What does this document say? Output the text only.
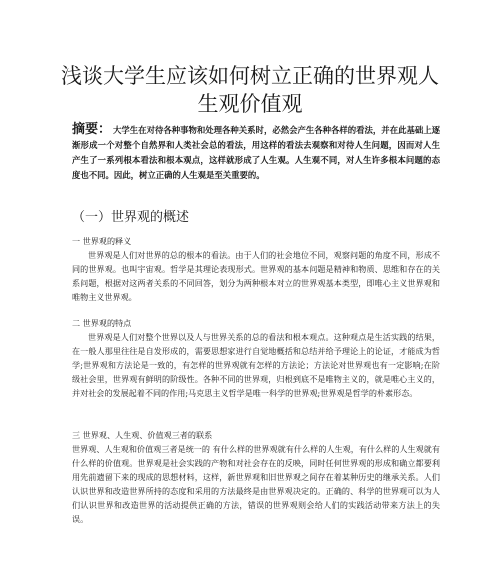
浅谈大学生应该如何树立正确的世界观人
生观价值观

摘要： 大学生在对待各种事物和处理各种关系时，必然会产生各种各样的看法，并在此基础上逐渐形成一个对整个自然界和人类社会总的看法，用这样的看法去观察和对待人生问题，因而对人生产生了一系列根本看法和根本观点，这样就形成了人生观。人生观不同，对人生许多根本问题的态度也不同。因此，树立正确的人生观是至关重要的。

（一）世界观的概述

一 世界观的释义

世界观是人们对世界的总的根本的看法。由于人们的社会地位不同，观察问题的角度不同，形成不同的世界观。也叫宇宙观。哲学是其理论表现形式。世界观的基本问题是精神和物质、思维和存在的关系问题，根据对这两者关系的不同回答，划分为两种根本对立的世界观基本类型，即唯心主义世界观和唯物主义世界观。

二 世界观的特点

世界观是人们对整个世界以及人与世界关系的总的看法和根本观点。这种观点是生活实践的结果，在一般人那里往往是自发形成的，需要思想家进行自觉地概括和总结并给予理论上的论证，才能成为哲学;世界观和方法论是一致的，有怎样的世界观就有怎样的方法论；方法论对世界观也有一定影响;在阶级社会里，世界观有鲜明的阶级性。各种不同的世界观，归根到底不是唯物主义的，就是唯心主义的，并对社会的发展起着不同的作用;马克思主义哲学是唯一科学的世界观;世界观是哲学的朴素形态。

三 世界观、人生观、价值观三者的联系

世界观、人生观和价值观三者是统一的 有什么样的世界观就有什么样的人生观，有什么样的人生观就有什么样的价值观。世界观是社会实践的产物和对社会存在的反映，同时任何世界观的形成和确立都要利用先前遗留下来的现成的思想材料，这样，新世界观和旧世界观之间存在着某种历史的继承关系。人们认识世界和改造世界所持的态度和采用的方法最终是由世界观决定的。正确的、科学的世界观可以为人们认识世界和改造世界的活动提供正确的方法，错误的世界观则会给人们的实践活动带来方法上的失误。
